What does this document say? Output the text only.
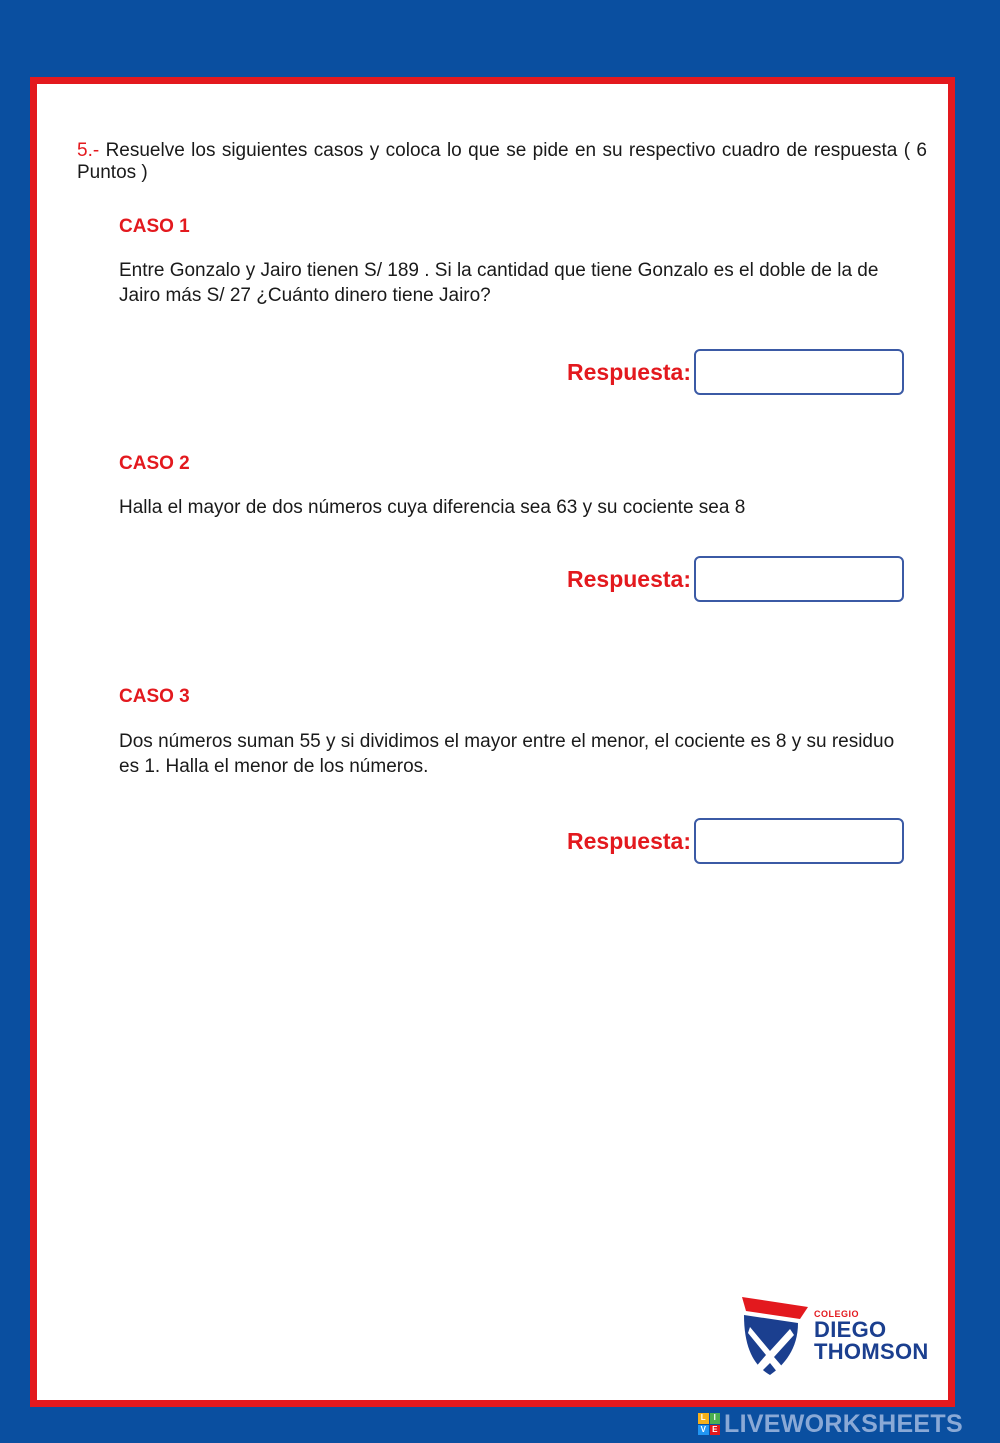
5.- Resuelve los siguientes casos y coloca lo que se pide en su respectivo cuadro de respuesta ( 6 Puntos )

CASO 1

Entre Gonzalo y Jairo tienen S/ 189 . Si la cantidad que tiene Gonzalo es el doble de la de Jairo más S/ 27 ¿Cuánto dinero tiene Jairo?

Respuesta:
CASO 2

Halla el mayor de dos números cuya diferencia sea 63 y su cociente sea 8

Respuesta:
CASO 3

Dos números suman 55 y si dividimos el mayor entre el menor, el cociente es 8 y su residuo es 1. Halla el menor de los números.

Respuesta:
COLEGIO
DIEGO
THOMSON
L I
V E LIVEWORKSHEETS
